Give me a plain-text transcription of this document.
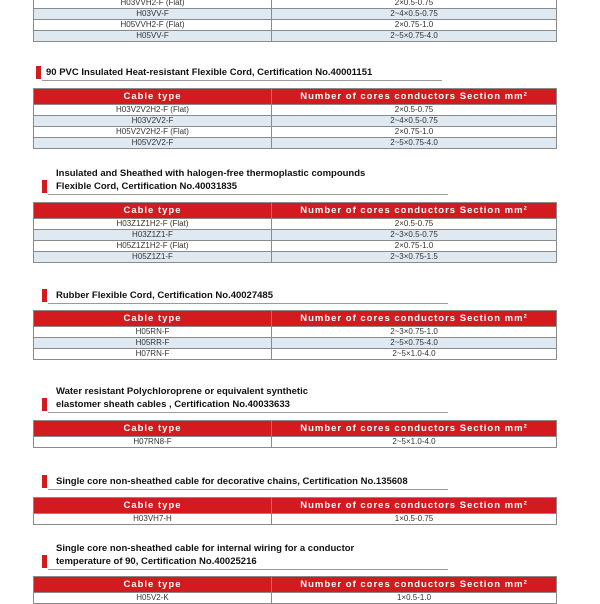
H03VVH2-F (Flat)	2×0.5-0.75
H03VV-F	2~4×0.5-0.75
H05VVH2-F (Flat)	2×0.75-1.0
H05VV-F	2~5×0.75-4.0
90 PVC Insulated Heat-resistant Flexible Cord, Certification No.40001151
Cable type	Number of cores conductors Section mm²
H03V2V2H2-F (Flat)	2×0.5-0.75
H03V2V2-F	2~4×0.5-0.75
H05V2V2H2-F (Flat)	2×0.75-1.0
H05V2V2-F	2~5×0.75-4.0
Insulated and Sheathed with halogen-free thermoplastic compounds
Flexible Cord, Certification No.40031835
Cable type	Number of cores conductors Section mm²
H03Z1Z1H2-F (Flat)	2×0.5-0.75
H03Z1Z1-F	2~3×0.5-0.75
H05Z1Z1H2-F (Flat)	2×0.75-1.0
H05Z1Z1-F	2~3×0.75-1.5
Rubber Flexible Cord, Certification No.40027485
Cable type	Number of cores conductors Section mm²
H05RN-F	2~3×0.75-1.0
H05RR-F	2~5×0.75-4.0
H07RN-F	2~5×1.0-4.0
Water resistant Polychloroprene or equivalent synthetic
elastomer sheath cables , Certification No.40033633
Cable type	Number of cores conductors Section mm²
H07RN8-F	2~5×1.0-4.0
Single core non-sheathed cable for decorative chains, Certification No.135608
Cable type	Number of cores conductors Section mm²
H03VH7-H	1×0.5-0.75
Single core non-sheathed cable for internal wiring for a conductor
temperature of 90, Certification No.40025216
Cable type	Number of cores conductors Section mm²
H05V2-K	1×0.5-1.0
